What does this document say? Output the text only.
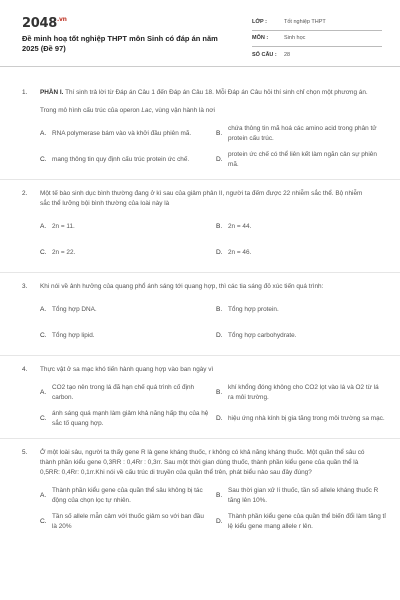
$2048^{.vn}$
Đề minh hoạ tốt nghiệp THPT môn Sinh có đáp án năm 2025 (Đề 97)
LỚP :	Tốt nghiệp THPT
MÔN :	Sinh học
SỐ CÂU :	28
1. PHẦN I. Thí sinh trả lời từ Đáp án Câu 1 đến Đáp án Câu 18. Mỗi Đáp án Câu hỏi thí sinh chỉ chọn một phương án.
Trong mô hình cấu trúc của operon Lac, vùng vận hành là nơi
A. RNA polymerase bám vào và khởi đầu phiên mã.	B.
chứa thông tin mã hoá các amino acid trong phân tử protein cấu trúc.
C. mang thông tin quy định cấu trúc protein ức chế.	D.
protein ức chế có thể liên kết làm ngăn cản sự phiên mã.
2. Một tế bào sinh dục bình thường đang ở kì sau của giảm phân II, người ta đếm được 22 nhiễm sắc thể. Bộ nhiễm sắc thể lưỡng bội bình thường của loài này là
A. 2n = 11.	B. 2n = 44.
C. 2n = 22.	D. 2n = 46.
3. Khi nói về ảnh hưởng của quang phổ ánh sáng tới quang hợp, thì các tia sáng đỏ xúc tiến quá trình:
A. Tổng hợp DNA.	B. Tổng hợp protein.
C. Tổng hợp lipid.	D. Tổng hợp carbohydrate.
4. Thực vật ở sa mạc khó tiến hành quang hợp vào ban ngày vì
A.
CO2 tạo nên trong lá đã hạn chế quá trình cố định carbon.
B.
khí khổng đóng không cho CO2 lọt vào lá và O2 từ lá ra môi trường.
C.
ánh sáng quá mạnh làm giảm khả năng hấp thụ của hệ sắc tố quang hợp.
D. hiệu ứng nhà kính bị gia tăng trong môi trường sa mạc.
5. Ở một loài sâu, người ta thấy gene R là gene kháng thuốc, r không có khả năng kháng thuốc. Một quần thể sâu có thành phần kiểu gene 0,3RR : 0,4Rr : 0,3rr. Sau một thời gian dùng thuốc, thành phần kiểu gene của quần thể là 0,5RR: 0,4Rr: 0,1rr.Khi nói về cấu trúc di truyền của quần thể trên, phát biểu nào sau đây đúng?
A.
Thành phần kiểu gene của quần thể sâu không bị tác động của chọn lọc tự nhiên.
B.
Sau thời gian xử lí thuốc, tần số allele kháng thuốc R tăng lên 10%.
C.
Tần số allele mẫn cảm với thuốc giảm so với ban đầu là 20%
D.
Thành phần kiểu gene của quần thể biến đổi làm tăng tỉ lệ kiểu gene mang allele r lên.
